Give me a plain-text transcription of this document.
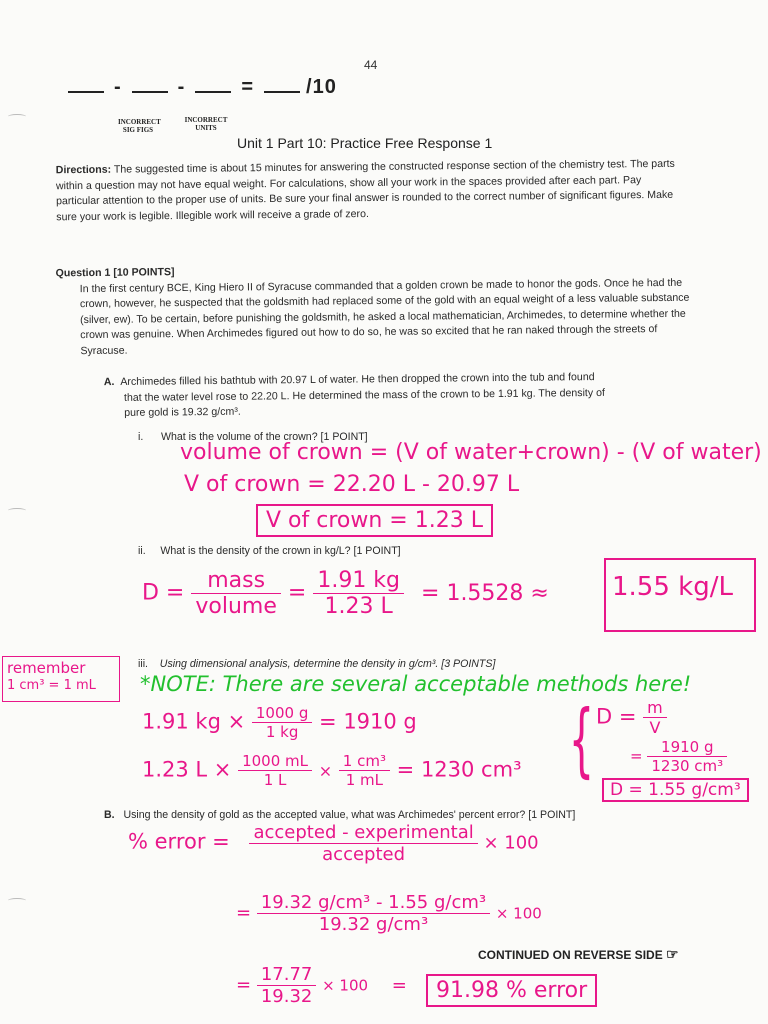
44
-	-	=	/10
INCORRECT SIG FIGS
INCORRECT UNITS
Unit 1 Part 10: Practice Free Response 1
Directions: The suggested time is about 15 minutes for answering the constructed response section of the chemistry test. The parts within a question may not have equal weight. For calculations, show all your work in the spaces provided after each part. Pay particular attention to the proper use of units. Be sure your final answer is rounded to the correct number of significant figures. Make sure your work is legible. Illegible work will receive a grade of zero.
Question 1 [10 POINTS]
In the first century BCE, King Hiero II of Syracuse commanded that a golden crown be made to honor the gods. Once he had the crown, however, he suspected that the goldsmith had replaced some of the gold with an equal weight of a less valuable substance (silver, ew). To be certain, before punishing the goldsmith, he asked a local mathematician, Archimedes, to determine whether the crown was genuine. When Archimedes figured out how to do so, he was so excited that he ran naked through the streets of Syracuse.
A. Archimedes filled his bathtub with 20.97 L of water. He then dropped the crown into the tub and found
that the water level rose to 22.20 L. He determined the mass of the crown to be 1.91 kg. The density of
pure gold is 19.32 g/cm³.
i. What is the volume of the crown? [1 POINT]
volume of crown = (V of water+crown) - (V of water)
V of crown = 22.20 L - 20.97 L
V of crown = 1.23 L
ii. What is the density of the crown in kg/L? [1 POINT]
$D = \frac{\text{mass}}{\text{volume}} = \frac{1.91 kg}{1.23 L} = 1.5528 \approx 1.55$ kg/L
remember
1 cm³ = 1 mL
iii. Using dimensional analysis, determine the density in g/cm³. [3 POINTS]
*NOTE: There are several acceptable methods here!
1.91 kg × $\frac{1000 g}{1 kg} = 1910$ g
1.23 $L \times \frac{1000 mL}{1 L} \times \frac{\text{1 cm³}}{1 mL} = 1230$ cm³ { $D = \frac{m}{V}$
= $\frac{1910 g}{\text{1230 cm³}}$
D = 1.55 g/cm³
B. Using the density of gold as the accepted value, what was Archimedes' percent error? [1 POINT]
% error = $\frac{\text{accepted - experimental}}{\text{accepted}} \times 100$
= $\frac{\text{19.32 g/cm³ - 1.55 g/cm³}}{\text{19.32 g/cm³}} \times 100$
CONTINUED ON REVERSE SIDE ☞
= $\frac{17.77}{19.32} \times 100$ =	91.98 % error
